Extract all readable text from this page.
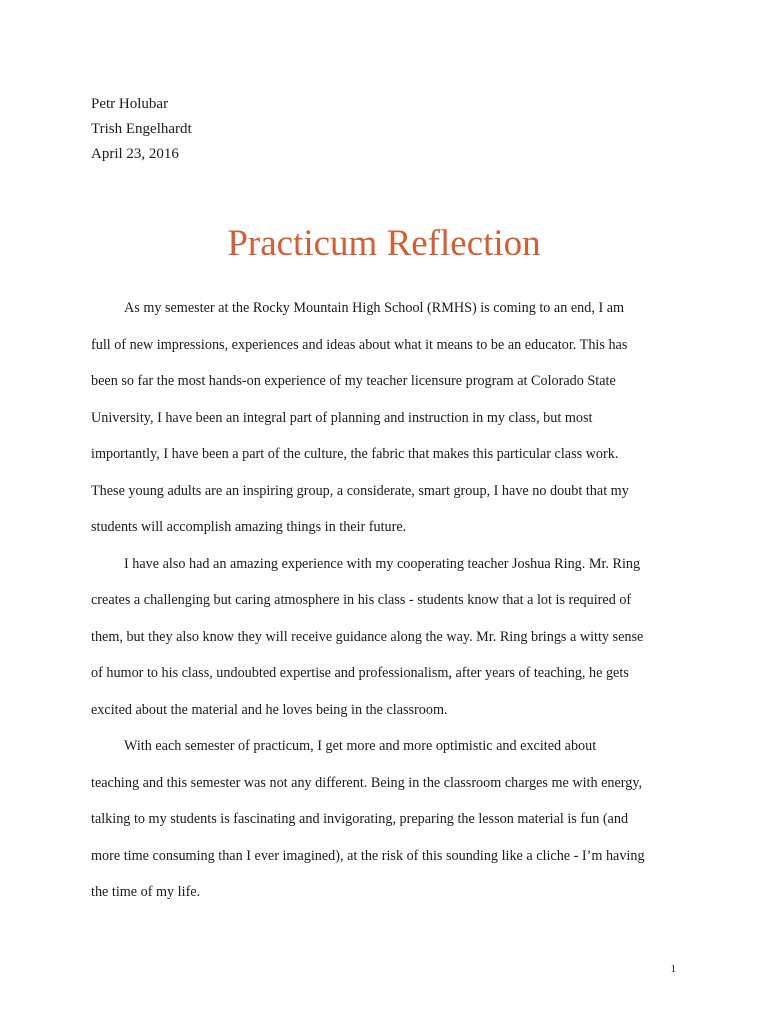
Petr Holubar
Trish Engelhardt
April 23, 2016
Practicum Reflection

As my semester at the Rocky Mountain High School (RMHS) is coming to an end, I am
full of new impressions, experiences and ideas about what it means to be an educator. This has
been so far the most hands-on experience of my teacher licensure program at Colorado State
University, I have been an integral part of planning and instruction in my class, but most
importantly, I have been a part of the culture, the fabric that makes this particular class work.
These young adults are an inspiring group, a considerate, smart group, I have no doubt that my
students will accomplish amazing things in their future.

I have also had an amazing experience with my cooperating teacher Joshua Ring. Mr. Ring
creates a challenging but caring atmosphere in his class - students know that a lot is required of
them, but they also know they will receive guidance along the way. Mr. Ring brings a witty sense
of humor to his class, undoubted expertise and professionalism, after years of teaching, he gets
excited about the material and he loves being in the classroom.

With each semester of practicum, I get more and more optimistic and excited about
teaching and this semester was not any different. Being in the classroom charges me with energy,
talking to my students is fascinating and invigorating, preparing the lesson material is fun (and
more time consuming than I ever imagined), at the risk of this sounding like a cliche - I’m having
the time of my life.

1
